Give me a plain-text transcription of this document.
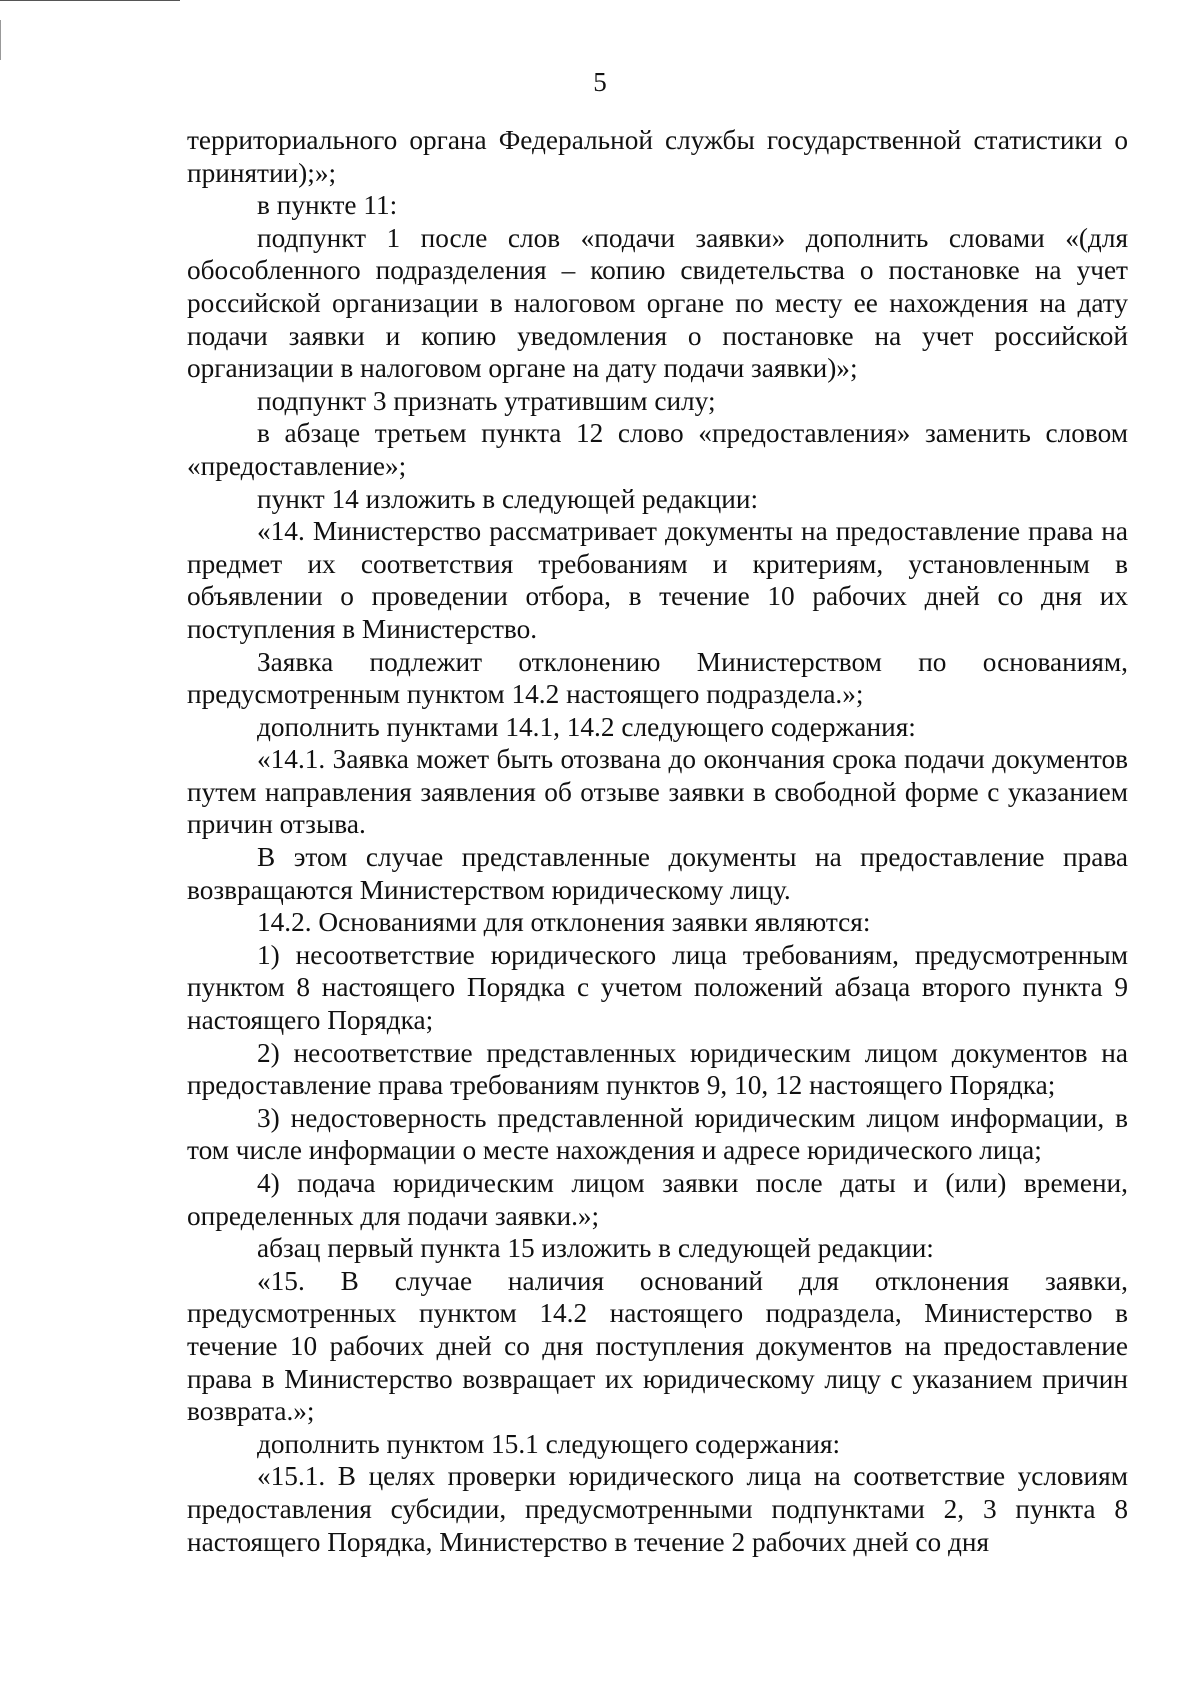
5

территориального органа Федеральной службы государственной статистики о принятии);»;

в пункте 11:

подпункт 1 после слов «подачи заявки» дополнить словами «(для обособленного подразделения – копию свидетельства о постановке на учет российской организации в налоговом органе по месту ее нахождения на дату подачи заявки и копию уведомления о постановке на учет российской организации в налоговом органе на дату подачи заявки)»;

подпункт 3 признать утратившим силу;

в абзаце третьем пункта 12 слово «предоставления» заменить словом «предоставление»;

пункт 14 изложить в следующей редакции:

«14. Министерство рассматривает документы на предоставление права на предмет их соответствия требованиям и критериям, установленным в объявлении о проведении отбора, в течение 10 рабочих дней со дня их поступления в Министерство.

Заявка подлежит отклонению Министерством по основаниям, предусмотренным пунктом 14.2 настоящего подраздела.»;

дополнить пунктами 14.1, 14.2 следующего содержания:

«14.1. Заявка может быть отозвана до окончания срока подачи документов путем направления заявления об отзыве заявки в свободной форме с указанием причин отзыва.

В этом случае представленные документы на предоставление права возвращаются Министерством юридическому лицу.

14.2. Основаниями для отклонения заявки являются:

1) несоответствие юридического лица требованиям, предусмотренным пунктом 8 настоящего Порядка с учетом положений абзаца второго пункта 9 настоящего Порядка;

2) несоответствие представленных юридическим лицом документов на предоставление права требованиям пунктов 9, 10, 12 настоящего Порядка;

3) недостоверность представленной юридическим лицом информации, в том числе информации о месте нахождения и адресе юридического лица;

4) подача юридическим лицом заявки после даты и (или) времени, определенных для подачи заявки.»;

абзац первый пункта 15 изложить в следующей редакции:

«15. В случае наличия оснований для отклонения заявки, предусмотренных пунктом 14.2 настоящего подраздела, Министерство в течение 10 рабочих дней со дня поступления документов на предоставление права в Министерство возвращает их юридическому лицу с указанием причин возврата.»;

дополнить пунктом 15.1 следующего содержания:

«15.1. В целях проверки юридического лица на соответствие условиям предоставления субсидии, предусмотренными подпунктами 2, 3 пункта 8 настоящего Порядка, Министерство в течение 2 рабочих дней со дня
